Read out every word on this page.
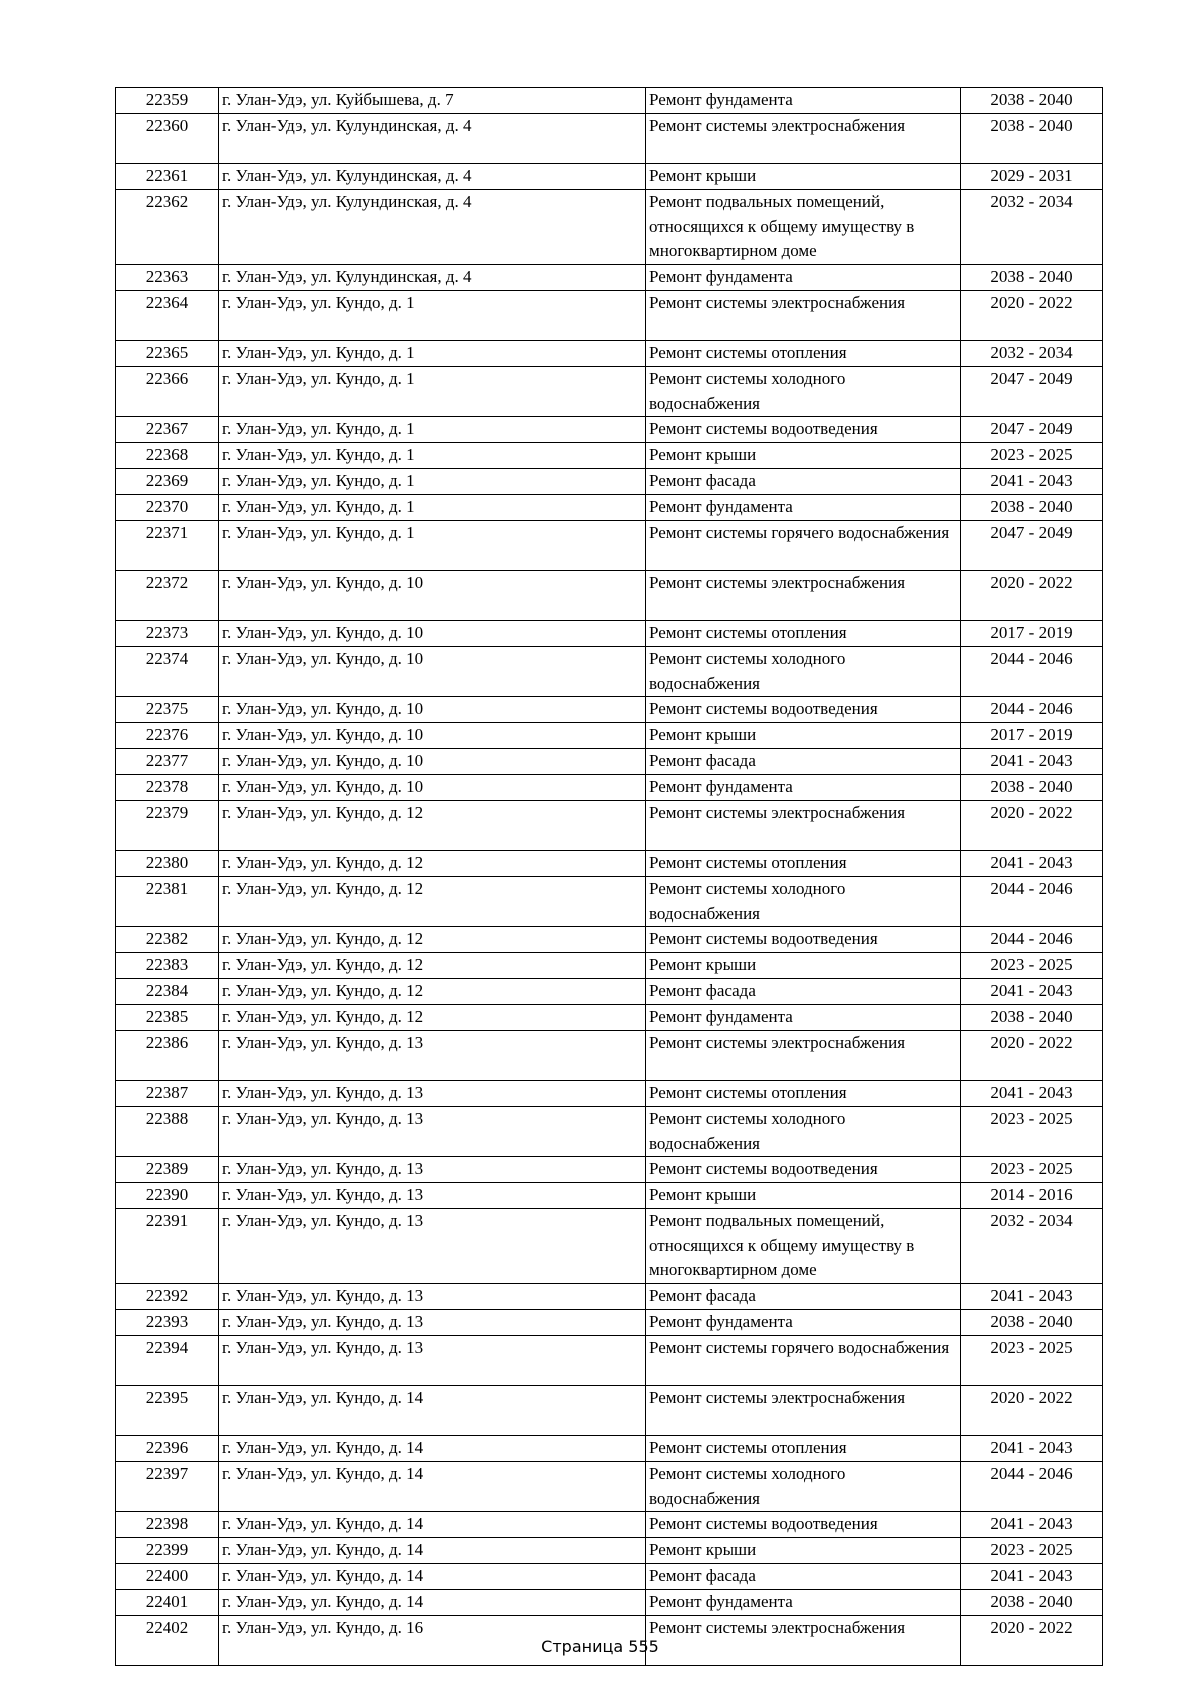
22359	г. Улан-Удэ, ул. Куйбышева, д. 7	Ремонт фундамента	2038 - 2040
22360	г. Улан-Удэ, ул. Кулундинская, д. 4	Ремонт системы электроснабжения	2038 - 2040
22361	г. Улан-Удэ, ул. Кулундинская, д. 4	Ремонт крыши	2029 - 2031
22362	г. Улан-Удэ, ул. Кулундинская, д. 4	Ремонт подвальных помещений, относящихся к общему имуществу в многоквартирном доме	2032 - 2034
22363	г. Улан-Удэ, ул. Кулундинская, д. 4	Ремонт фундамента	2038 - 2040
22364	г. Улан-Удэ, ул. Кундо, д. 1	Ремонт системы электроснабжения	2020 - 2022
22365	г. Улан-Удэ, ул. Кундо, д. 1	Ремонт системы отопления	2032 - 2034
22366	г. Улан-Удэ, ул. Кундо, д. 1	Ремонт системы холодного водоснабжения	2047 - 2049
22367	г. Улан-Удэ, ул. Кундо, д. 1	Ремонт системы водоотведения	2047 - 2049
22368	г. Улан-Удэ, ул. Кундо, д. 1	Ремонт крыши	2023 - 2025
22369	г. Улан-Удэ, ул. Кундо, д. 1	Ремонт фасада	2041 - 2043
22370	г. Улан-Удэ, ул. Кундо, д. 1	Ремонт фундамента	2038 - 2040
22371	г. Улан-Удэ, ул. Кундо, д. 1	Ремонт системы горячего водоснабжения	2047 - 2049
22372	г. Улан-Удэ, ул. Кундо, д. 10	Ремонт системы электроснабжения	2020 - 2022
22373	г. Улан-Удэ, ул. Кундо, д. 10	Ремонт системы отопления	2017 - 2019
22374	г. Улан-Удэ, ул. Кундо, д. 10	Ремонт системы холодного водоснабжения	2044 - 2046
22375	г. Улан-Удэ, ул. Кундо, д. 10	Ремонт системы водоотведения	2044 - 2046
22376	г. Улан-Удэ, ул. Кундо, д. 10	Ремонт крыши	2017 - 2019
22377	г. Улан-Удэ, ул. Кундо, д. 10	Ремонт фасада	2041 - 2043
22378	г. Улан-Удэ, ул. Кундо, д. 10	Ремонт фундамента	2038 - 2040
22379	г. Улан-Удэ, ул. Кундо, д. 12	Ремонт системы электроснабжения	2020 - 2022
22380	г. Улан-Удэ, ул. Кундо, д. 12	Ремонт системы отопления	2041 - 2043
22381	г. Улан-Удэ, ул. Кундо, д. 12	Ремонт системы холодного водоснабжения	2044 - 2046
22382	г. Улан-Удэ, ул. Кундо, д. 12	Ремонт системы водоотведения	2044 - 2046
22383	г. Улан-Удэ, ул. Кундо, д. 12	Ремонт крыши	2023 - 2025
22384	г. Улан-Удэ, ул. Кундо, д. 12	Ремонт фасада	2041 - 2043
22385	г. Улан-Удэ, ул. Кундо, д. 12	Ремонт фундамента	2038 - 2040
22386	г. Улан-Удэ, ул. Кундо, д. 13	Ремонт системы электроснабжения	2020 - 2022
22387	г. Улан-Удэ, ул. Кундо, д. 13	Ремонт системы отопления	2041 - 2043
22388	г. Улан-Удэ, ул. Кундо, д. 13	Ремонт системы холодного водоснабжения	2023 - 2025
22389	г. Улан-Удэ, ул. Кундо, д. 13	Ремонт системы водоотведения	2023 - 2025
22390	г. Улан-Удэ, ул. Кундо, д. 13	Ремонт крыши	2014 - 2016
22391	г. Улан-Удэ, ул. Кундо, д. 13	Ремонт подвальных помещений, относящихся к общему имуществу в многоквартирном доме	2032 - 2034
22392	г. Улан-Удэ, ул. Кундо, д. 13	Ремонт фасада	2041 - 2043
22393	г. Улан-Удэ, ул. Кундо, д. 13	Ремонт фундамента	2038 - 2040
22394	г. Улан-Удэ, ул. Кундо, д. 13	Ремонт системы горячего водоснабжения	2023 - 2025
22395	г. Улан-Удэ, ул. Кундо, д. 14	Ремонт системы электроснабжения	2020 - 2022
22396	г. Улан-Удэ, ул. Кундо, д. 14	Ремонт системы отопления	2041 - 2043
22397	г. Улан-Удэ, ул. Кундо, д. 14	Ремонт системы холодного водоснабжения	2044 - 2046
22398	г. Улан-Удэ, ул. Кундо, д. 14	Ремонт системы водоотведения	2041 - 2043
22399	г. Улан-Удэ, ул. Кундо, д. 14	Ремонт крыши	2023 - 2025
22400	г. Улан-Удэ, ул. Кундо, д. 14	Ремонт фасада	2041 - 2043
22401	г. Улан-Удэ, ул. Кундо, д. 14	Ремонт фундамента	2038 - 2040
22402	г. Улан-Удэ, ул. Кундо, д. 16	Ремонт системы электроснабжения	2020 - 2022
Страница 555
